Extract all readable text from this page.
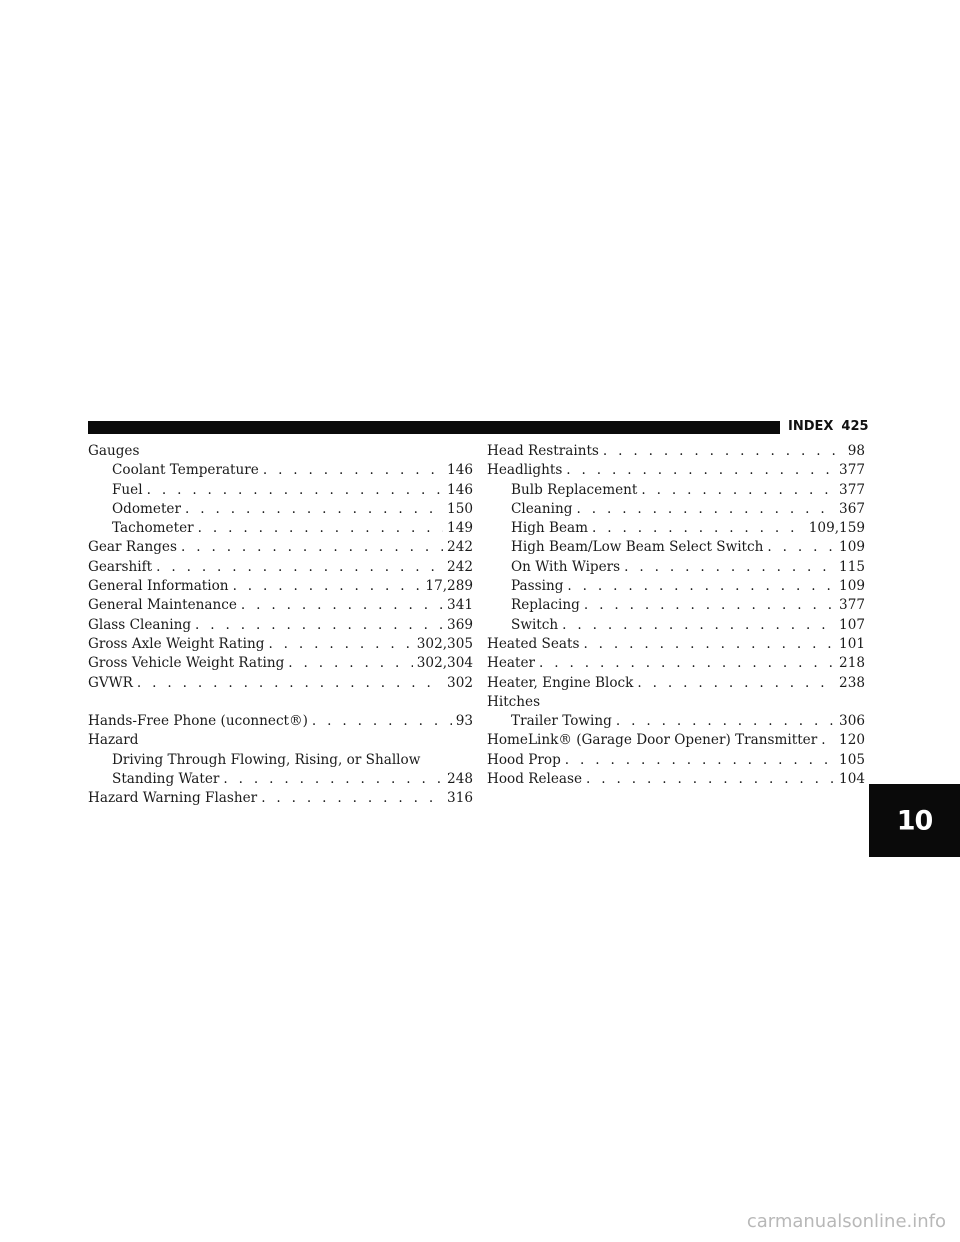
INDEX 425
Gauges
Coolant Temperature . . .	146
Fuel . . .	146
Odometer . . .	150
Tachometer . . .	149
Gear Ranges . . .	242
Gearshift . . .	242
General Information . . .	17,289
General Maintenance . . .	341
Glass Cleaning . . .	369
Gross Axle Weight Rating . . .	302,305
Gross Vehicle Weight Rating . . .	302,304
GVWR . . .	302
Hands-Free Phone (uconnect®) . . .	93
Hazard
Driving Through Flowing, Rising, or Shallow
Standing Water . . .	248
Hazard Warning Flasher . . .	316
Head Restraints . . .	98
Headlights . . .	377
Bulb Replacement . . .	377
Cleaning . . .	367
High Beam . . .	109,159
High Beam/Low Beam Select Switch . . .	109
On With Wipers . . .	115
Passing . . .	109
Replacing . . .	377
Switch . . .	107
Heated Seats . . .	101
Heater . . .	218
Heater, Engine Block . . .	238
Hitches
Trailer Towing . . .	306
HomeLink® (Garage Door Opener) Transmitter . . . 120
Hood Prop . . .	105
Hood Release . . .	104
10
carmanualsonline.info
